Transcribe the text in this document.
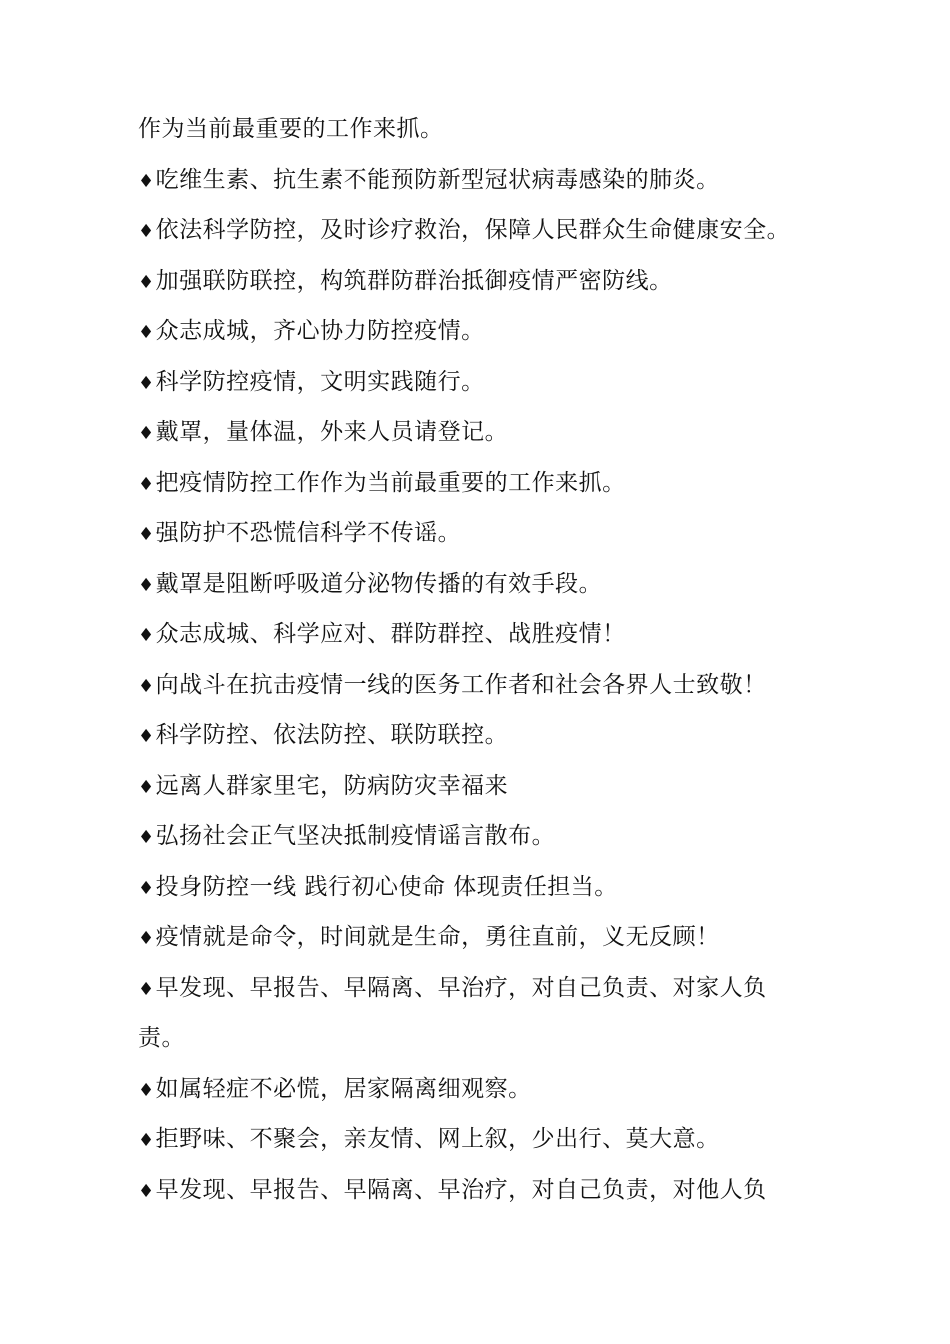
作为当前最重要的工作来抓。
♦吃维生素、抗生素不能预防新型冠状病毒感染的肺炎。
♦依法科学防控，及时诊疗救治，保障人民群众生命健康安全。
♦加强联防联控，构筑群防群治抵御疫情严密防线。
♦众志成城，齐心协力防控疫情。
♦科学防控疫情，文明实践随行。
♦戴罩，量体温，外来人员请登记。
♦把疫情防控工作作为当前最重要的工作来抓。
♦强防护不恐慌信科学不传谣。
♦戴罩是阻断呼吸道分泌物传播的有效手段。
♦众志成城、科学应对、群防群控、战胜疫情！
♦向战斗在抗击疫情一线的医务工作者和社会各界人士致敬！
♦科学防控、依法防控、联防联控。
♦远离人群家里宅，防病防灾幸福来
♦弘扬社会正气坚决抵制疫情谣言散布。
♦投身防控一线 践行初心使命 体现责任担当。
♦疫情就是命令，时间就是生命，勇往直前，义无反顾！
♦早发现、早报告、早隔离、早治疗，对自己负责、对家人负
责。
♦如属轻症不必慌，居家隔离细观察。
♦拒野味、不聚会，亲友情、网上叙，少出行、莫大意。
♦早发现、早报告、早隔离、早治疗，对自己负责，对他人负
